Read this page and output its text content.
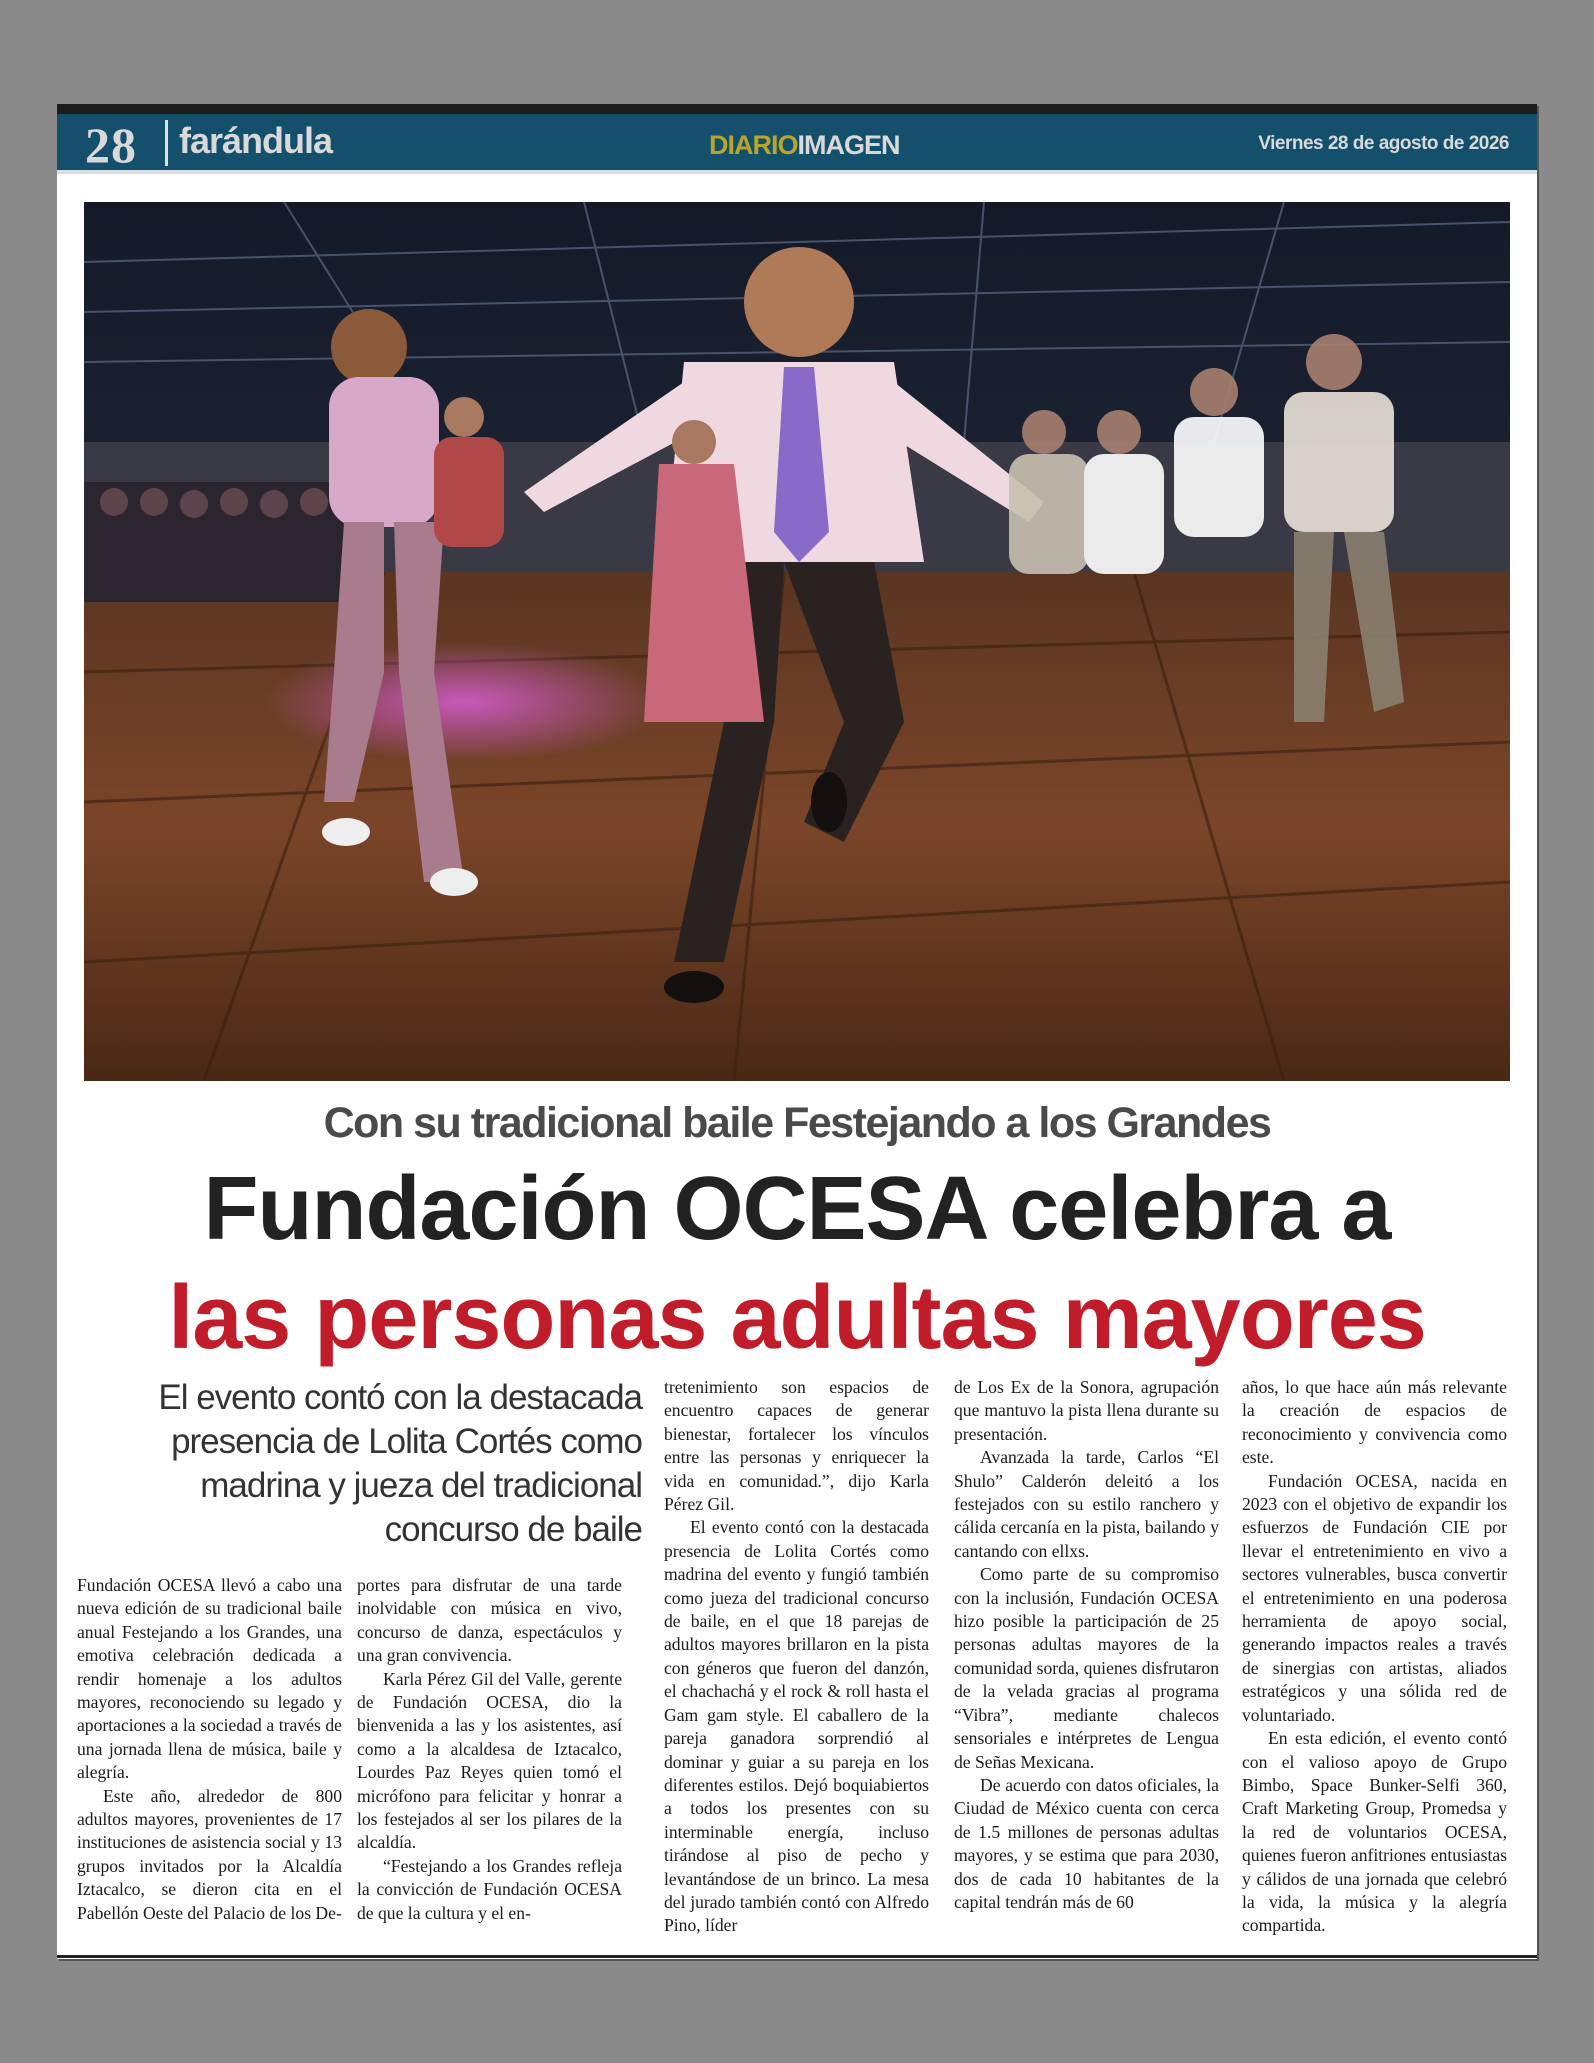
28 farándula	DIARIOIMAGEN	Viernes 28 de agosto de 2026
Con su tradicional baile Festejando a los Grandes
Fundación OCESA celebra a
las personas adultas mayores
El evento contó con la destacada presencia de Lolita Cortés como madrina y jueza del tradicional concurso de baile

Fundación OCESA llevó a cabo una nueva edición de su tradicional baile anual Festejando a los Grandes, una emotiva celebración dedicada a rendir homenaje a los adultos mayores, reconociendo su legado y aportaciones a la sociedad a través de una jornada llena de música, baile y alegría.

Este año, alrededor de 800 adultos mayores, provenientes de 17 instituciones de asistencia social y 13 grupos invitados por la Alcaldía Iztacalco, se dieron cita en el Pabellón Oeste del Palacio de los De-

portes para disfrutar de una tarde inolvidable con música en vivo, concurso de danza, espectáculos y una gran convivencia.

Karla Pérez Gil del Valle, gerente de Fundación OCESA, dio la bienvenida a las y los asistentes, así como a la alcaldesa de Iztacalco, Lourdes Paz Reyes quien tomó el micrófono para felicitar y honrar a los festejados al ser los pilares de la alcaldía.

“Festejando a los Grandes refleja la convicción de Fundación OCESA de que la cultura y el en-

tretenimiento son espacios de encuentro capaces de generar bienestar, fortalecer los vínculos entre las personas y enriquecer la vida en comunidad.”, dijo Karla Pérez Gil.

El evento contó con la destacada presencia de Lolita Cortés como madrina del evento y fungió también como jueza del tradicional concurso de baile, en el que 18 parejas de adultos mayores brillaron en la pista con géneros que fueron del danzón, el chachachá y el rock & roll hasta el Gam gam style. El caballero de la pareja ganadora sorprendió al dominar y guiar a su pareja en los diferentes estilos. Dejó boquiabiertos a todos los presentes con su interminable energía, incluso tirándose al piso de pecho y levantándose de un brinco. La mesa del jurado también contó con Alfredo Pino, líder

de Los Ex de la Sonora, agrupación que mantuvo la pista llena durante su presentación.

Avanzada la tarde, Carlos “El Shulo” Calderón deleitó a los festejados con su estilo ranchero y cálida cercanía en la pista, bailando y cantando con ellxs.

Como parte de su compromiso con la inclusión, Fundación OCESA hizo posible la participación de 25 personas adultas mayores de la comunidad sorda, quienes disfrutaron de la velada gracias al programa “Vibra”, mediante chalecos sensoriales e intérpretes de Lengua de Señas Mexicana.

De acuerdo con datos oficiales, la Ciudad de México cuenta con cerca de 1.5 millones de personas adultas mayores, y se estima que para 2030, dos de cada 10 habitantes de la capital tendrán más de 60

años, lo que hace aún más relevante la creación de espacios de reconocimiento y convivencia como este.

Fundación OCESA, nacida en 2023 con el objetivo de expandir los esfuerzos de Fundación CIE por llevar el entretenimiento en vivo a sectores vulnerables, busca convertir el entretenimiento en una poderosa herramienta de apoyo social, generando impactos reales a través de sinergias con artistas, aliados estratégicos y una sólida red de voluntariado.

En esta edición, el evento contó con el valioso apoyo de Grupo Bimbo, Space Bunker-Selfi 360, Craft Marketing Group, Promedsa y la red de voluntarios OCESA, quienes fueron anfitriones entusiastas y cálidos de una jornada que celebró la vida, la música y la alegría compartida.
